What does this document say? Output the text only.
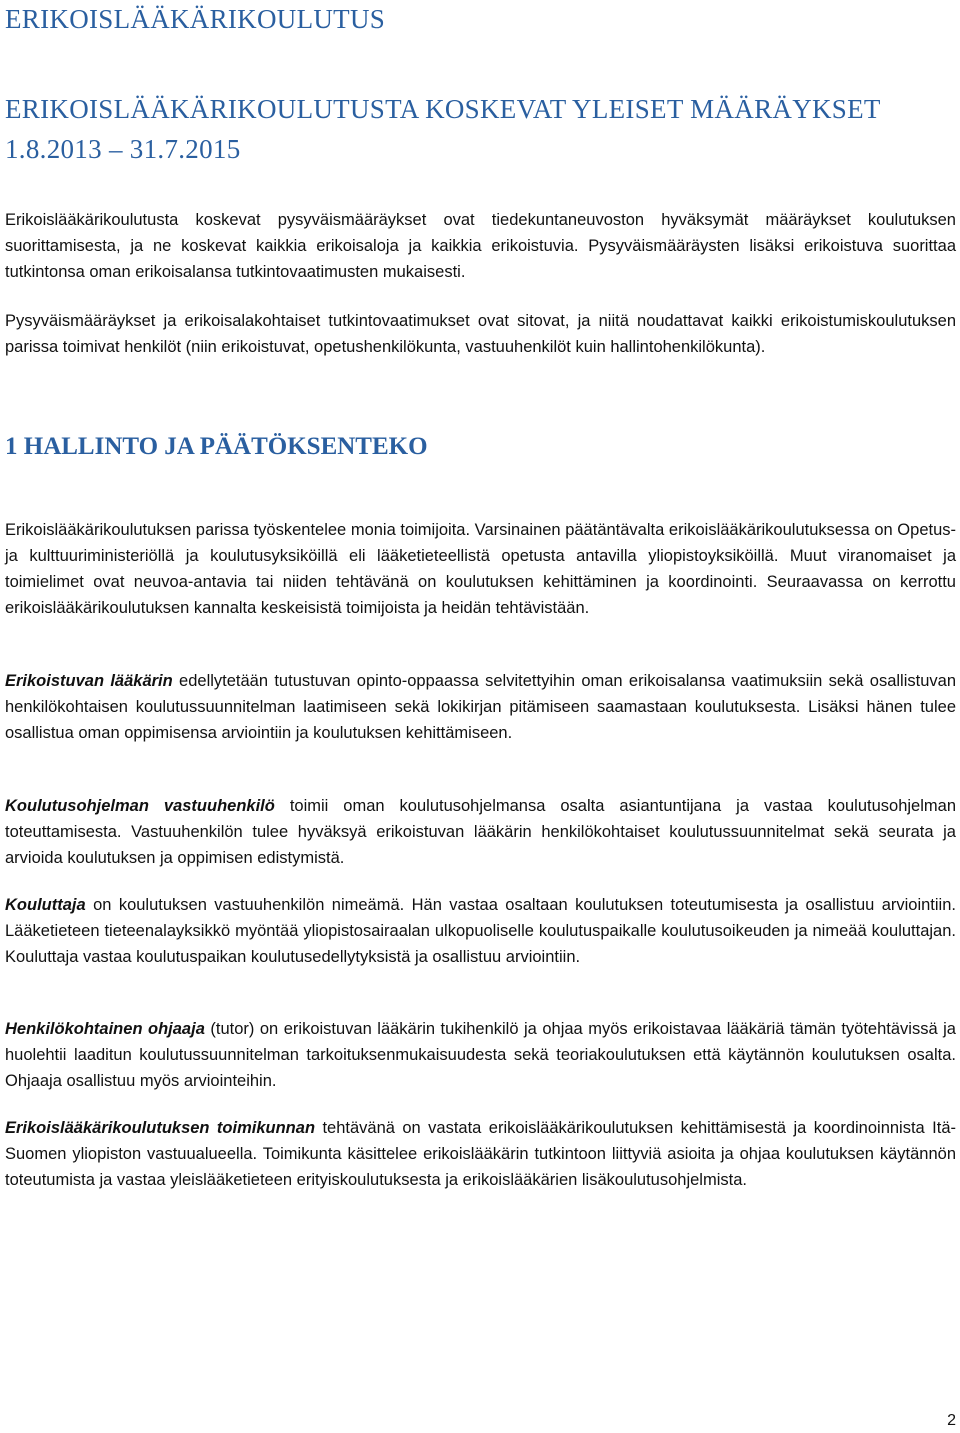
ERIKOISLÄÄKÄRIKOULUTUS
ERIKOISLÄÄKÄRIKOULUTUSTA KOSKEVAT YLEISET MÄÄRÄYKSET
1.8.2013 – 31.7.2015

Erikoislääkärikoulutusta koskevat pysyväismääräykset ovat tiedekuntaneuvoston hyväksymät määräykset koulutuksen suorittamisesta, ja ne koskevat kaikkia erikoisaloja ja kaikkia erikoistuvia. Pysyväismääräysten lisäksi erikoistuva suorittaa tutkintonsa oman erikoisalansa tutkintovaatimusten mukaisesti.

Pysyväismääräykset ja erikoisalakohtaiset tutkintovaatimukset ovat sitovat, ja niitä noudattavat kaikki erikoistumiskoulutuksen parissa toimivat henkilöt (niin erikoistuvat, opetushenkilökunta, vastuuhenkilöt kuin hallintohenkilökunta).

1 HALLINTO JA PÄÄTÖKSENTEKO

Erikoislääkärikoulutuksen parissa työskentelee monia toimijoita. Varsinainen päätäntävalta erikoislääkärikoulutuksessa on Opetus- ja kulttuuriministeriöllä ja koulutusyksiköillä eli lääketieteellistä opetusta antavilla yliopistoyksiköillä. Muut viranomaiset ja toimielimet ovat neuvoa-antavia tai niiden tehtävänä on koulutuksen kehittäminen ja koordinointi. Seuraavassa on kerrottu erikoislääkärikoulutuksen kannalta keskeisistä toimijoista ja heidän tehtävistään.

Erikoistuvan lääkärin edellytetään tutustuvan opinto-oppaassa selvitettyihin oman erikoisalansa vaatimuksiin sekä osallistuvan henkilökohtaisen koulutussuunnitelman laatimiseen sekä lokikirjan pitämiseen saamastaan koulutuksesta. Lisäksi hänen tulee osallistua oman oppimisensa arviointiin ja koulutuksen kehittämiseen.

Koulutusohjelman vastuuhenkilö toimii oman koulutusohjelmansa osalta asiantuntijana ja vastaa koulutusohjelman toteuttamisesta. Vastuuhenkilön tulee hyväksyä erikoistuvan lääkärin henkilökohtaiset koulutussuunnitelmat sekä seurata ja arvioida koulutuksen ja oppimisen edistymistä.

Kouluttaja on koulutuksen vastuuhenkilön nimeämä. Hän vastaa osaltaan koulutuksen toteutumisesta ja osallistuu arviointiin. Lääketieteen tieteenalayksikkö myöntää yliopistosairaalan ulkopuoliselle koulutuspaikalle koulutusoikeuden ja nimeää kouluttajan. Kouluttaja vastaa koulutuspaikan koulutusedellytyksistä ja osallistuu arviointiin.

Henkilökohtainen ohjaaja (tutor) on erikoistuvan lääkärin tukihenkilö ja ohjaa myös erikoistavaa lääkäriä tämän työtehtävissä ja huolehtii laaditun koulutussuunnitelman tarkoituksenmukaisuudesta sekä teoriakoulutuksen että käytännön koulutuksen osalta. Ohjaaja osallistuu myös arviointeihin.

Erikoislääkärikoulutuksen toimikunnan tehtävänä on vastata erikoislääkärikoulutuksen kehittämisestä ja koordinoinnista Itä-Suomen yliopiston vastuualueella. Toimikunta käsittelee erikoislääkärin tutkintoon liittyviä asioita ja ohjaa koulutuksen käytännön toteutumista ja vastaa yleislääketieteen erityiskoulutuksesta ja erikoislääkärien lisäkoulutusohjelmista.

2
